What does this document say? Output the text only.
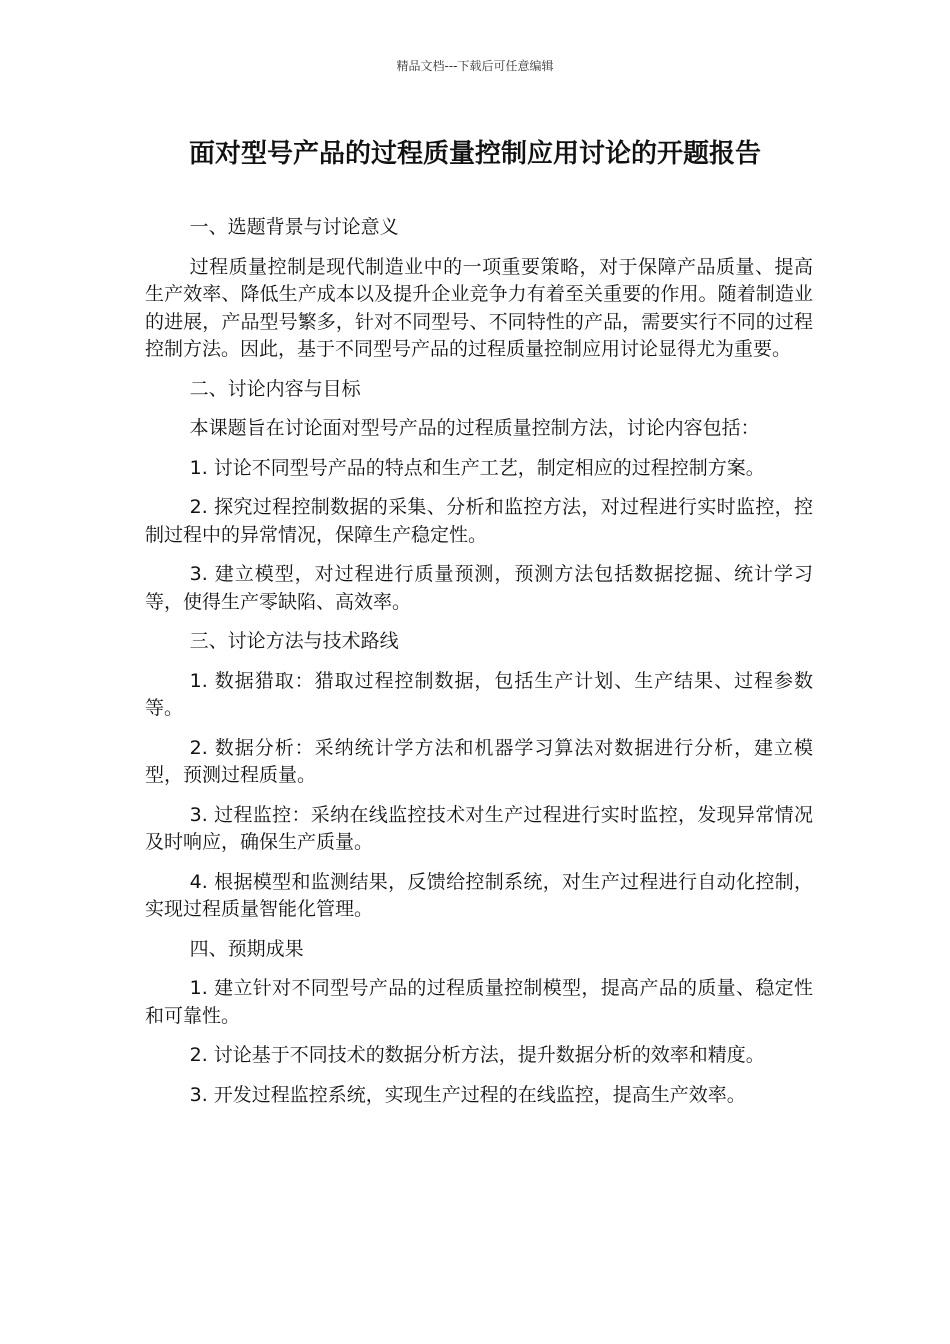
精品文档---下载后可任意编辑
面对型号产品的过程质量控制应用讨论的开题报告

一、选题背景与讨论意义

过程质量控制是现代制造业中的一项重要策略，对于保障产品质量、提高生产效率、降低生产成本以及提升企业竞争力有着至关重要的作用。随着制造业的进展，产品型号繁多，针对不同型号、不同特性的产品，需要实行不同的过程控制方法。因此，基于不同型号产品的过程质量控制应用讨论显得尤为重要。

二、讨论内容与目标

本课题旨在讨论面对型号产品的过程质量控制方法，讨论内容包括：

1. 讨论不同型号产品的特点和生产工艺，制定相应的过程控制方案。

2. 探究过程控制数据的采集、分析和监控方法，对过程进行实时监控，控制过程中的异常情况，保障生产稳定性。

3. 建立模型，对过程进行质量预测，预测方法包括数据挖掘、统计学习等，使得生产零缺陷、高效率。

三、讨论方法与技术路线

1. 数据猎取：猎取过程控制数据，包括生产计划、生产结果、过程参数等。

2. 数据分析：采纳统计学方法和机器学习算法对数据进行分析，建立模型，预测过程质量。

3. 过程监控：采纳在线监控技术对生产过程进行实时监控，发现异常情况及时响应，确保生产质量。

4. 根据模型和监测结果，反馈给控制系统，对生产过程进行自动化控制，实现过程质量智能化管理。

四、预期成果

1. 建立针对不同型号产品的过程质量控制模型，提高产品的质量、稳定性和可靠性。

2. 讨论基于不同技术的数据分析方法，提升数据分析的效率和精度。

3. 开发过程监控系统，实现生产过程的在线监控，提高生产效率。
